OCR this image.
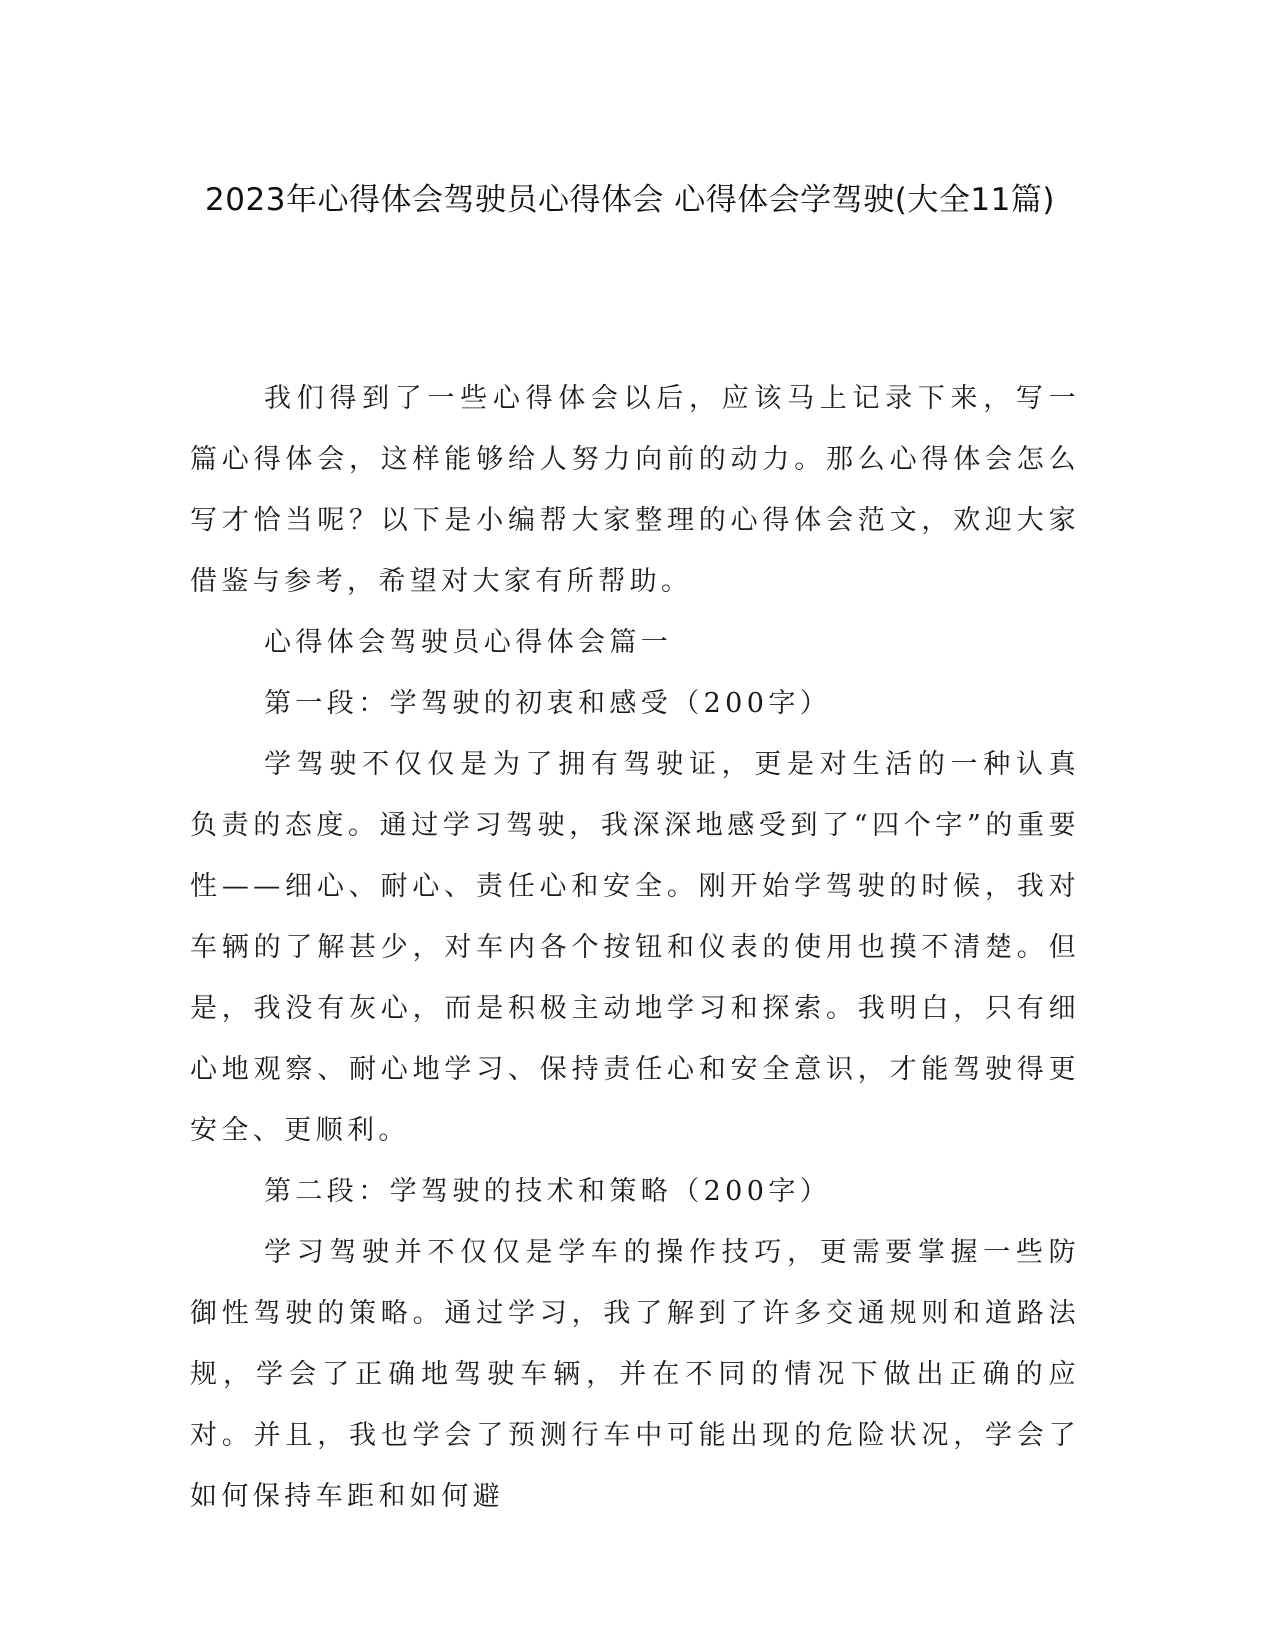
2023年心得体会驾驶员心得体会 心得体会学驾驶(大全11篇)

我们得到了一些心得体会以后，应该马上记录下来，写一篇心得体会，这样能够给人努力向前的动力。那么心得体会怎么写才恰当呢？以下是小编帮大家整理的心得体会范文，欢迎大家借鉴与参考，希望对大家有所帮助。

心得体会驾驶员心得体会篇一

第一段：学驾驶的初衷和感受（200字）

学驾驶不仅仅是为了拥有驾驶证，更是对生活的一种认真负责的态度。通过学习驾驶，我深深地感受到了“四个字”的重要性——细心、耐心、责任心和安全。刚开始学驾驶的时候，我对车辆的了解甚少，对车内各个按钮和仪表的使用也摸不清楚。但是，我没有灰心，而是积极主动地学习和探索。我明白，只有细心地观察、耐心地学习、保持责任心和安全意识，才能驾驶得更安全、更顺利。

第二段：学驾驶的技术和策略（200字）

学习驾驶并不仅仅是学车的操作技巧，更需要掌握一些防御性驾驶的策略。通过学习，我了解到了许多交通规则和道路法规，学会了正确地驾驶车辆，并在不同的情况下做出正确的应对。并且，我也学会了预测行车中可能出现的危险状况，学会了如何保持车距和如何避
